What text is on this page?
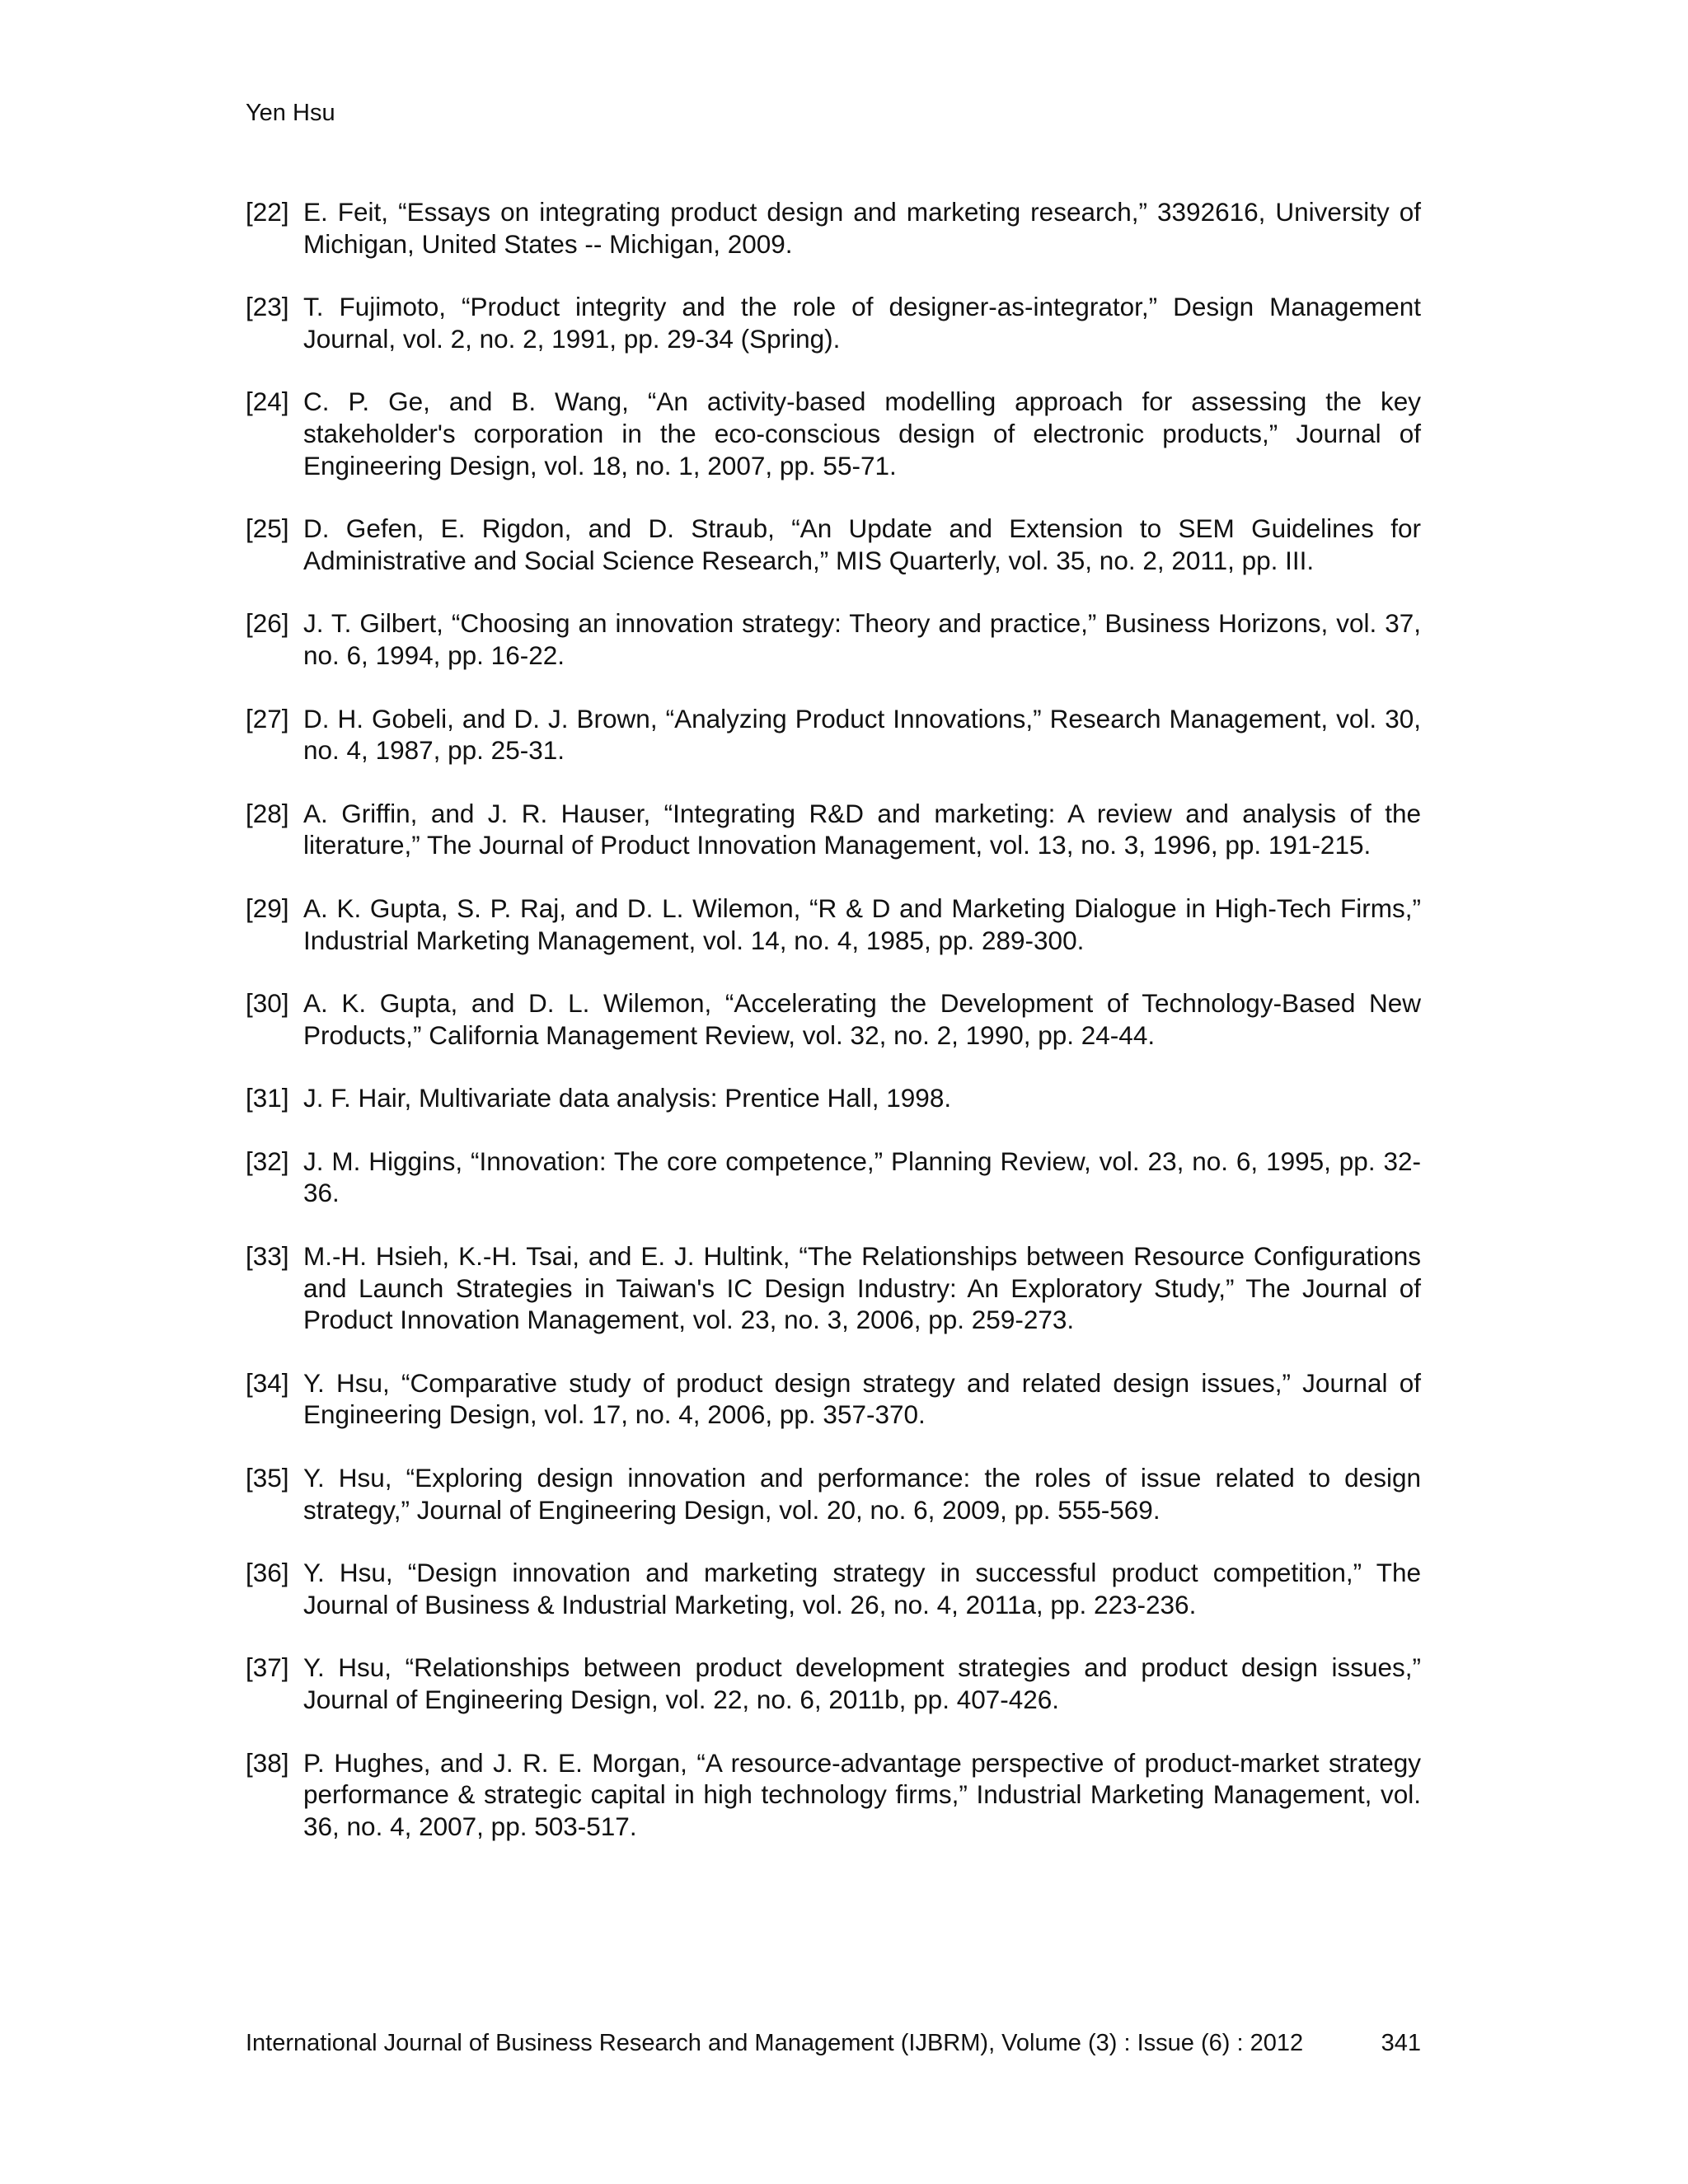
Yen Hsu
[22] E. Feit, “Essays on integrating product design and marketing research,” 3392616, University of Michigan, United States -- Michigan, 2009.
[23] T. Fujimoto, “Product integrity and the role of designer-as-integrator,” Design Management Journal, vol. 2, no. 2, 1991, pp. 29-34 (Spring).
[24] C. P. Ge, and B. Wang, “An activity-based modelling approach for assessing the key stakeholder's corporation in the eco-conscious design of electronic products,” Journal of Engineering Design, vol. 18, no. 1, 2007, pp. 55-71.
[25] D. Gefen, E. Rigdon, and D. Straub, “An Update and Extension to SEM Guidelines for Administrative and Social Science Research,” MIS Quarterly, vol. 35, no. 2, 2011, pp. III.
[26] J. T. Gilbert, “Choosing an innovation strategy: Theory and practice,” Business Horizons, vol. 37, no. 6, 1994, pp. 16-22.
[27] D. H. Gobeli, and D. J. Brown, “Analyzing Product Innovations,” Research Management, vol. 30, no. 4, 1987, pp. 25-31.
[28] A. Griffin, and J. R. Hauser, “Integrating R&D and marketing: A review and analysis of the literature,” The Journal of Product Innovation Management, vol. 13, no. 3, 1996, pp. 191-215.
[29] A. K. Gupta, S. P. Raj, and D. L. Wilemon, “R & D and Marketing Dialogue in High-Tech Firms,” Industrial Marketing Management, vol. 14, no. 4, 1985, pp. 289-300.
[30] A. K. Gupta, and D. L. Wilemon, “Accelerating the Development of Technology-Based New Products,” California Management Review, vol. 32, no. 2, 1990, pp. 24-44.
[31] J. F. Hair, Multivariate data analysis: Prentice Hall, 1998.
[32] J. M. Higgins, “Innovation: The core competence,” Planning Review, vol. 23, no. 6, 1995, pp. 32-36.
[33] M.-H. Hsieh, K.-H. Tsai, and E. J. Hultink, “The Relationships between Resource Configurations and Launch Strategies in Taiwan's IC Design Industry: An Exploratory Study,” The Journal of Product Innovation Management, vol. 23, no. 3, 2006, pp. 259-273.
[34] Y. Hsu, “Comparative study of product design strategy and related design issues,” Journal of Engineering Design, vol. 17, no. 4, 2006, pp. 357-370.
[35] Y. Hsu, “Exploring design innovation and performance: the roles of issue related to design strategy,” Journal of Engineering Design, vol. 20, no. 6, 2009, pp. 555-569.
[36] Y. Hsu, “Design innovation and marketing strategy in successful product competition,” The Journal of Business & Industrial Marketing, vol. 26, no. 4, 2011a, pp. 223-236.
[37] Y. Hsu, “Relationships between product development strategies and product design issues,” Journal of Engineering Design, vol. 22, no. 6, 2011b, pp. 407-426.
[38] P. Hughes, and J. R. E. Morgan, “A resource-advantage perspective of product-market strategy performance & strategic capital in high technology firms,” Industrial Marketing Management, vol. 36, no. 4, 2007, pp. 503-517.
International Journal of Business Research and Management (IJBRM), Volume (3) : Issue (6) : 2012	341
